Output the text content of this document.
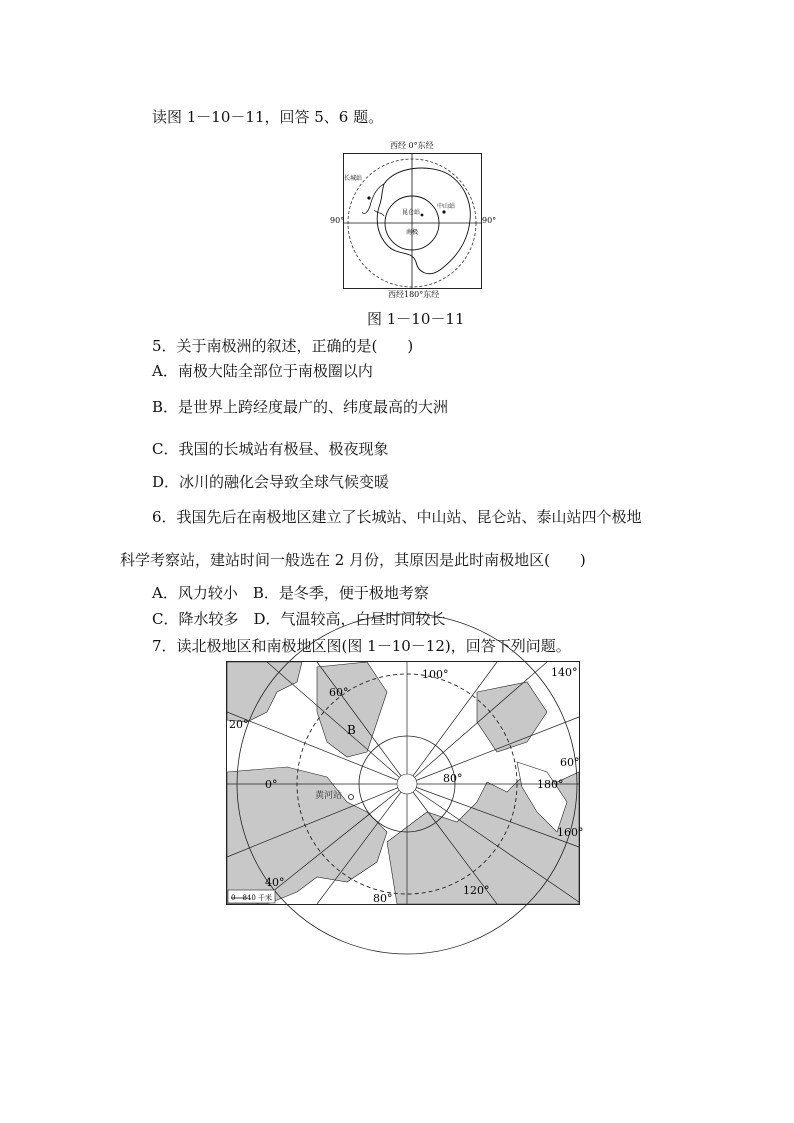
读图 1－10－11，回答 5、6 题。
长城站
中山站
昆仑站
南极
西经 0°东经
西经180°东经
90°	90°
图 1－10－11
5．关于南极洲的叙述，正确的是(　　)
A．南极大陆全部位于南极圈以内
B．是世界上跨经度最广的、纬度最高的大洲
C．我国的长城站有极昼、极夜现象
D．冰川的融化会导致全球气候变暖
6．我国先后在南极地区建立了长城站、中山站、昆仑站、泰山站四个极地
科学考察站，建站时间一般选在 2 月份，其原因是此时南极地区(　　)
A．风力较小　B．是冬季，便于极地考察
C．降水较多　D．气温较高，白昼时间较长
7．读北极地区和南极地区图(图 1－10－12)，回答下列问题。
60°
100°	140°
20°	B
60°
0°	80°	180°
黄河站
160°
40°
120°
80°
0　840 千米
